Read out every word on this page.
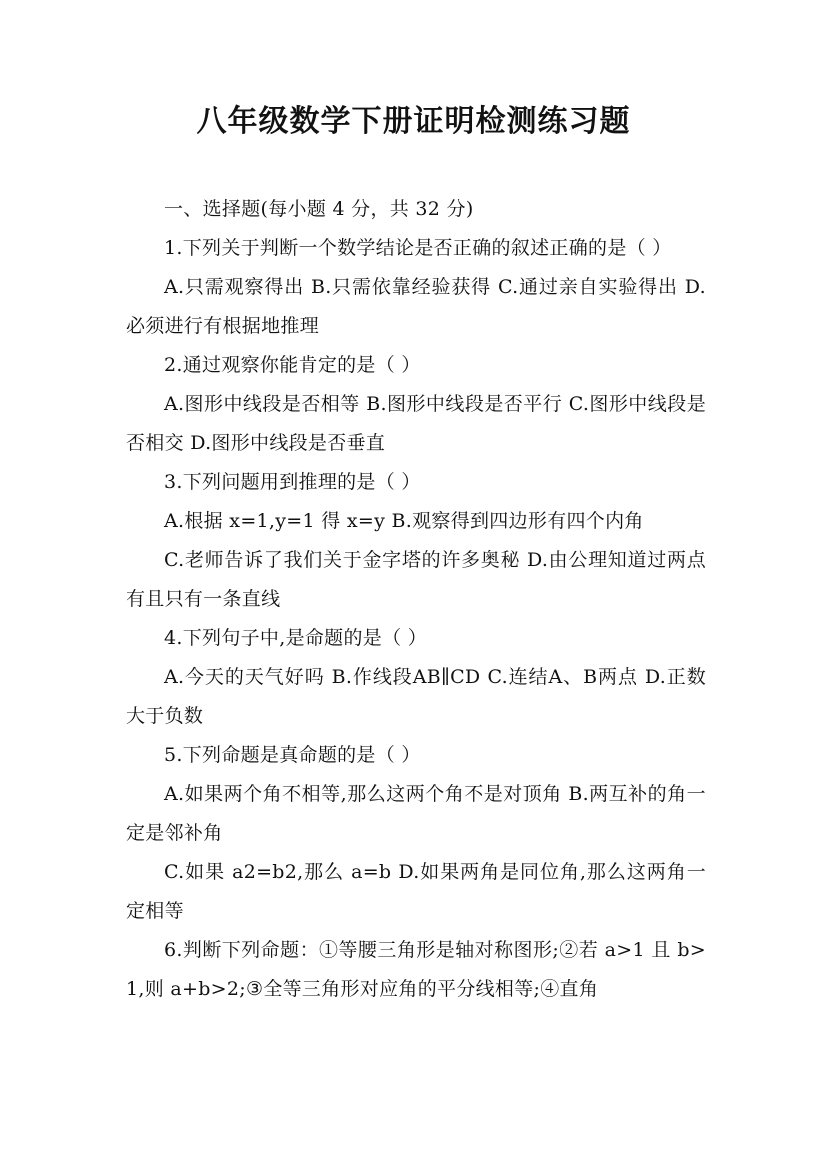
八年级数学下册证明检测练习题

一、选择题(每小题 4 分，共 32 分)

1.下列关于判断一个数学结论是否正确的叙述正确的是（ ）

A.只需观察得出 B.只需依靠经验获得 C.通过亲自实验得出 D.必须进行有根据地推理

2.通过观察你能肯定的是（ ）

A.图形中线段是否相等 B.图形中线段是否平行 C.图形中线段是否相交 D.图形中线段是否垂直

3.下列问题用到推理的是（ ）

A.根据 x=1,y=1 得 x=y B.观察得到四边形有四个内角

C.老师告诉了我们关于金字塔的许多奥秘 D.由公理知道过两点有且只有一条直线

4.下列句子中,是命题的是（ ）

A.今天的天气好吗 B.作线段AB∥CD C.连结A、B两点 D.正数大于负数

5.下列命题是真命题的是（ ）

A.如果两个角不相等,那么这两个角不是对顶角 B.两互补的角一定是邻补角

C.如果 a2=b2,那么 a=b D.如果两角是同位角,那么这两角一定相等

6.判断下列命题：①等腰三角形是轴对称图形;②若 a>1 且 b>1,则 a+b>2;③全等三角形对应角的平分线相等;④直角
